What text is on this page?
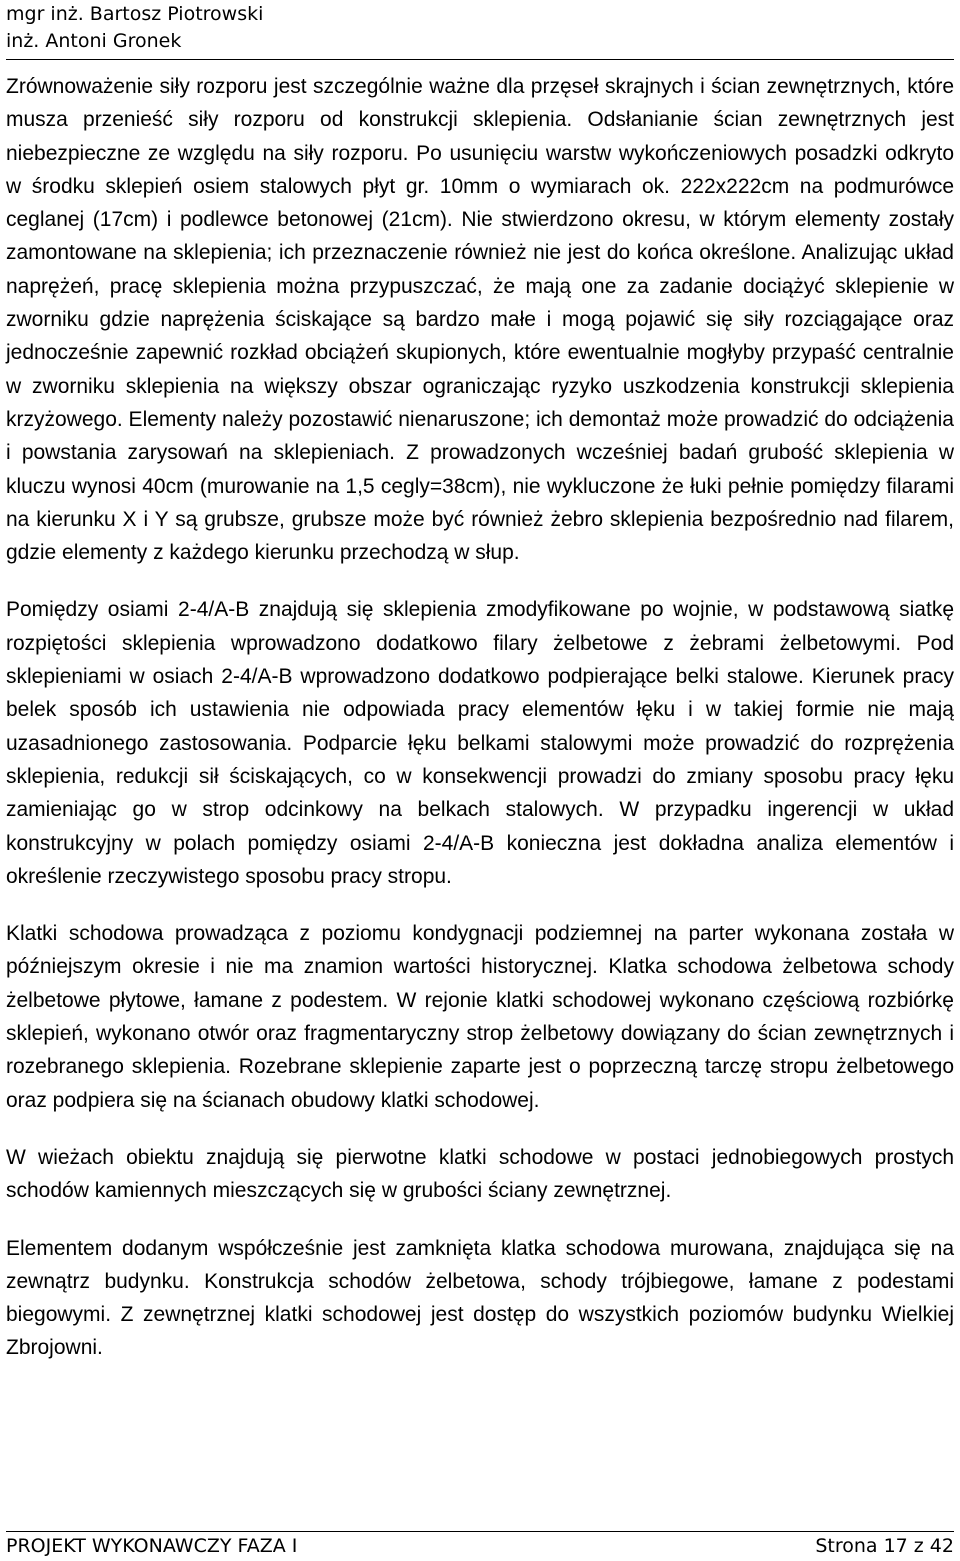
mgr inż. Bartosz Piotrowski
inż. Antoni Gronek

Zrównoważenie siły rozporu jest szczególnie ważne dla przęseł skrajnych i ścian zewnętrznych, które musza przenieść siły rozporu od konstrukcji sklepienia. Odsłanianie ścian zewnętrznych jest niebezpieczne ze względu na siły rozporu. Po usunięciu warstw wykończeniowych posadzki odkryto w środku sklepień osiem stalowych płyt gr. 10mm o wymiarach ok. 222x222cm na podmurówce ceglanej (17cm) i podlewce betonowej (21cm). Nie stwierdzono okresu, w którym elementy zostały zamontowane na sklepienia; ich przeznaczenie również nie jest do końca określone. Analizując układ naprężeń, pracę sklepienia można przypuszczać, że mają one za zadanie dociążyć sklepienie w zworniku gdzie naprężenia ściskające są bardzo małe i mogą pojawić się siły rozciągające oraz jednocześnie zapewnić rozkład obciążeń skupionych, które ewentualnie mogłyby przypaść centralnie w zworniku sklepienia na większy obszar ograniczając ryzyko uszkodzenia konstrukcji sklepienia krzyżowego. Elementy należy pozostawić nienaruszone; ich demontaż może prowadzić do odciążenia i powstania zarysowań na sklepieniach. Z prowadzonych wcześniej badań grubość sklepienia w kluczu wynosi 40cm (murowanie na 1,5 cegly=38cm), nie wykluczone że łuki pełnie pomiędzy filarami na kierunku X i Y są grubsze, grubsze może być również żebro sklepienia bezpośrednio nad filarem, gdzie elementy z każdego kierunku przechodzą w słup.

Pomiędzy osiami 2-4/A-B znajdują się sklepienia zmodyfikowane po wojnie, w podstawową siatkę rozpiętości sklepienia wprowadzono dodatkowo filary żelbetowe z żebrami żelbetowymi. Pod sklepieniami w osiach 2-4/A-B wprowadzono dodatkowo podpierające belki stalowe. Kierunek pracy belek sposób ich ustawienia nie odpowiada pracy elementów łęku i w takiej formie nie mają uzasadnionego zastosowania. Podparcie łęku belkami stalowymi może prowadzić do rozprężenia sklepienia, redukcji sił ściskających, co w konsekwencji prowadzi do zmiany sposobu pracy łęku zamieniając go w strop odcinkowy na belkach stalowych. W przypadku ingerencji w układ konstrukcyjny w polach pomiędzy osiami 2-4/A-B konieczna jest dokładna analiza elementów i określenie rzeczywistego sposobu pracy stropu.

Klatki schodowa prowadząca z poziomu kondygnacji podziemnej na parter wykonana została w późniejszym okresie i nie ma znamion wartości historycznej. Klatka schodowa żelbetowa schody żelbetowe płytowe, łamane z podestem. W rejonie klatki schodowej wykonano częściową rozbiórkę sklepień, wykonano otwór oraz fragmentaryczny strop żelbetowy dowiązany do ścian zewnętrznych i rozebranego sklepienia. Rozebrane sklepienie zaparte jest o poprzeczną tarczę stropu żelbetowego oraz podpiera się na ścianach obudowy klatki schodowej.

W wieżach obiektu znajdują się pierwotne klatki schodowe w postaci jednobiegowych prostych schodów kamiennych mieszczących się w grubości ściany zewnętrznej.

Elementem dodanym współcześnie jest zamknięta klatka schodowa murowana, znajdująca się na zewnątrz budynku. Konstrukcja schodów żelbetowa, schody trójbiegowe, łamane z podestami biegowymi. Z zewnętrznej klatki schodowej jest dostęp do wszystkich poziomów budynku Wielkiej Zbrojowni.

PROJEKT WYKONAWCZY FAZA I	Strona 17 z 42
